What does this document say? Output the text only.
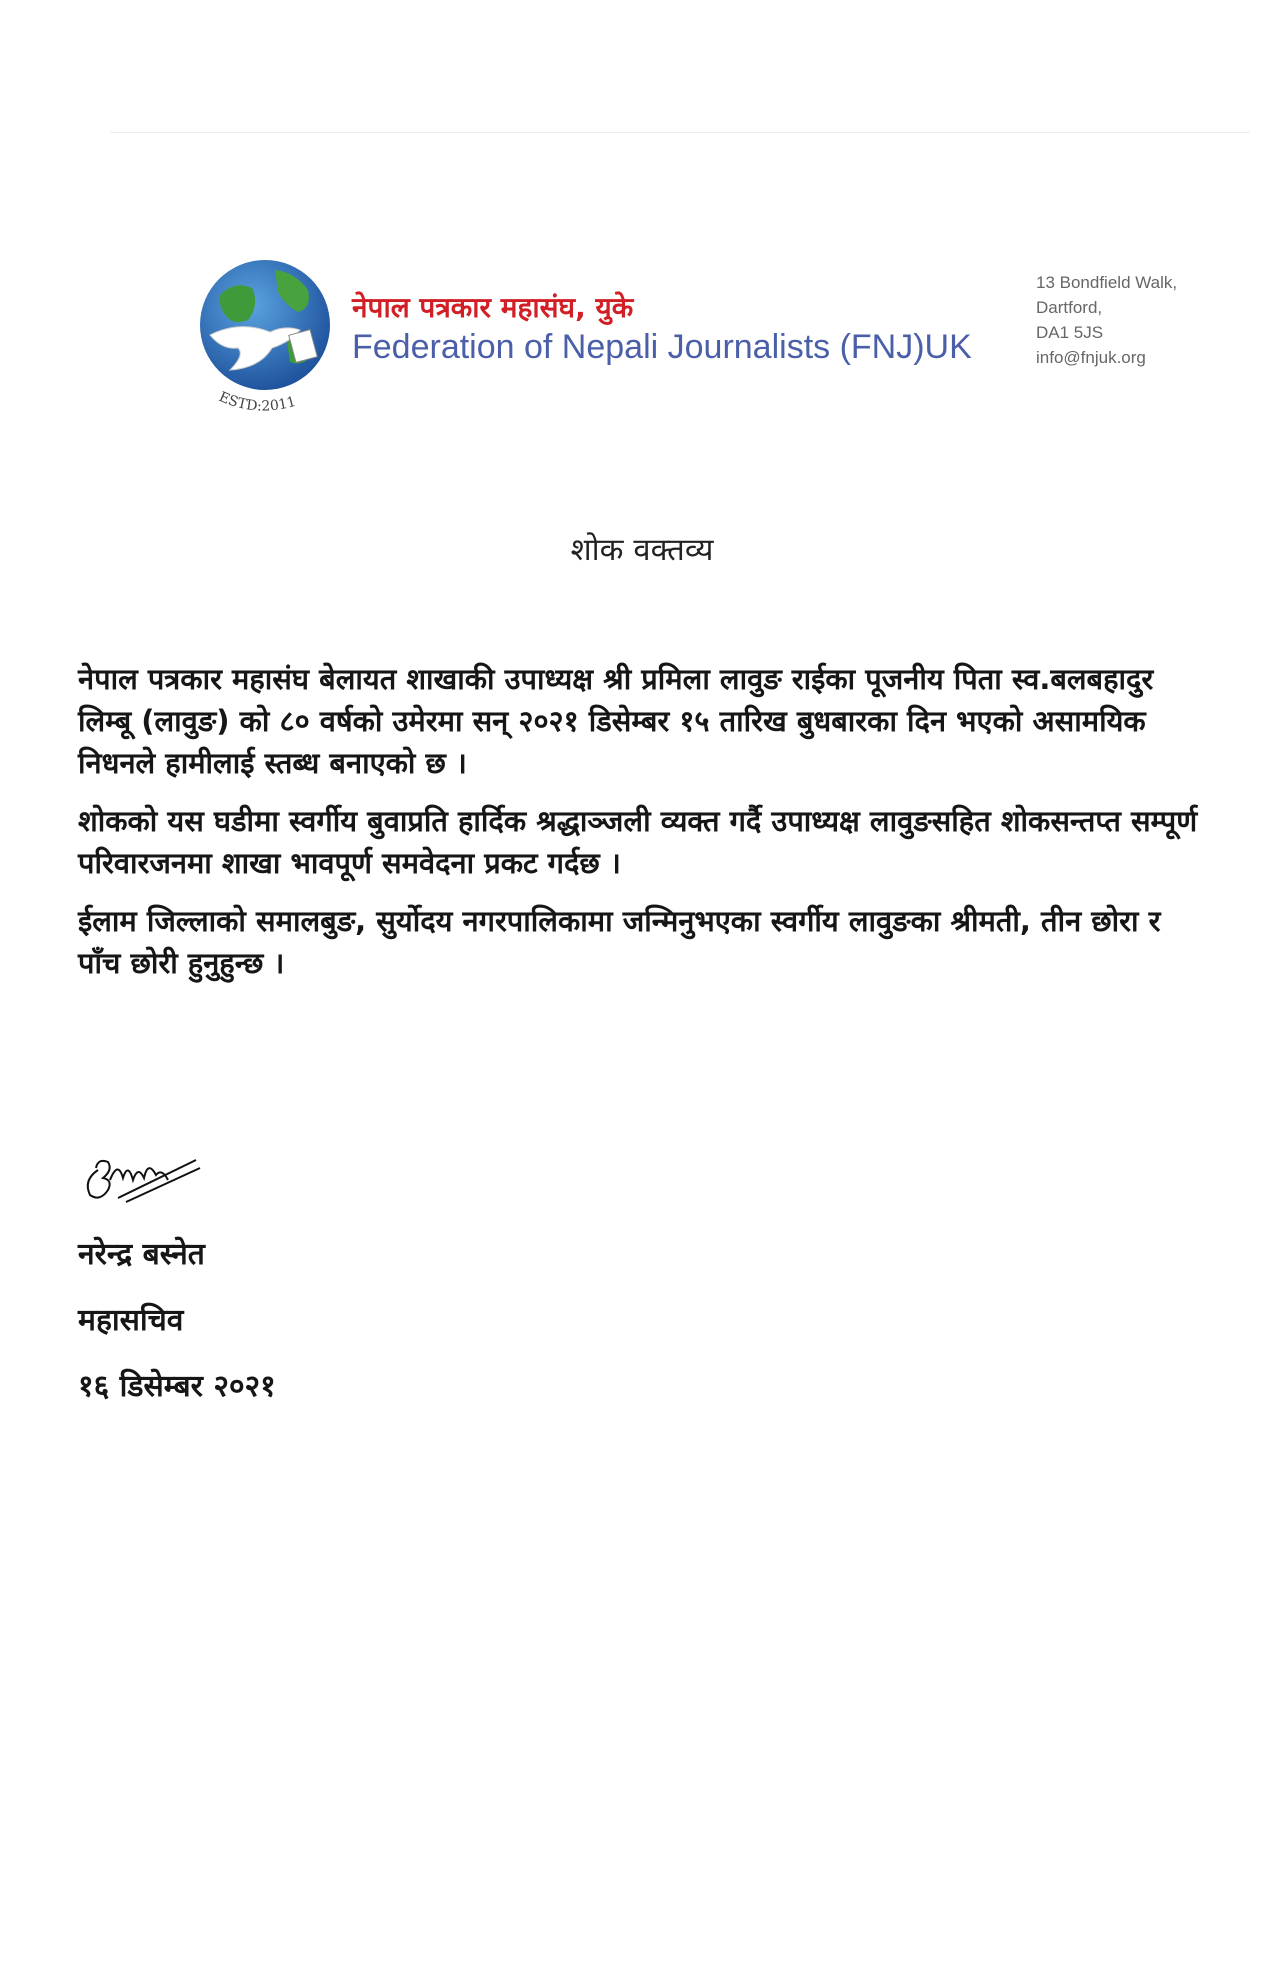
ESTD:2011
नेपाल पत्रकार महासंघ, युके
Federation of Nepali Journalists (FNJ)UK
13 Bondfield Walk,
Dartford,
DA1 5JS
info@fnjuk.org
शोक वक्तव्य

नेपाल पत्रकार महासंघ बेलायत शाखाकी उपाध्यक्ष श्री प्रमिला लावुङ राईका पूजनीय पिता स्व.बलबहादुर लिम्बू (लावुङ) को ८० वर्षको उमेरमा सन् २०२१ डिसेम्बर १५ तारिख बुधबारका दिन भएको असामयिक निधनले हामीलाई स्तब्ध बनाएको छ ।

शोकको यस घडीमा स्वर्गीय बुवाप्रति हार्दिक श्रद्धाञ्जली व्यक्त गर्दै उपाध्यक्ष लावुङसहित शोकसन्तप्त सम्पूर्ण परिवारजनमा शाखा भावपूर्ण समवेदना प्रकट गर्दछ ।

ईलाम जिल्लाको समालबुङ, सुर्योदय नगरपालिकामा जन्मिनुभएका स्वर्गीय लावुङका श्रीमती, तीन छोरा र पाँच छोरी हुनुहुन्छ ।

नरेन्द्र बस्नेत
महासचिव
१६ डिसेम्बर २०२१
